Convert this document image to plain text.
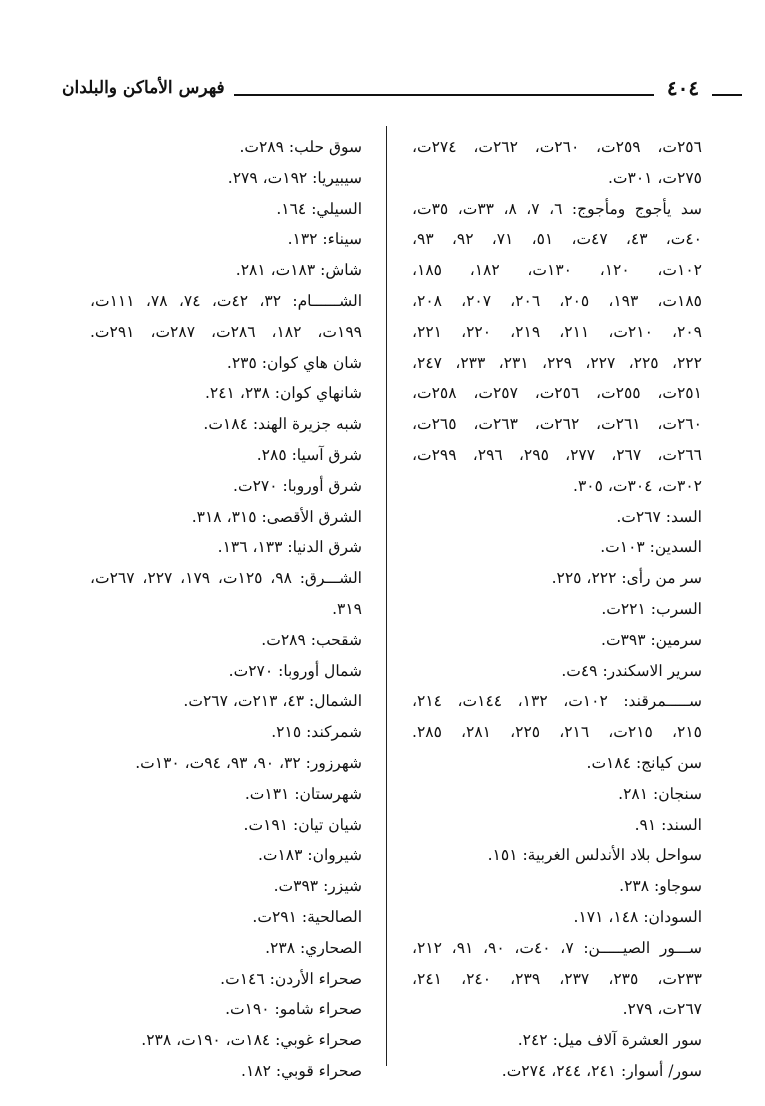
فهرس الأماكن والبلدان	٤٠٤
٢٥٦ت، ٢٥٩ت، ٢٦٠ت، ٢٦٢ت، ٢٧٤ت،
٢٧٥ت، ٣٠١ت.
سد يأجوج ومأجوج: ٦، ٧، ٨، ٣٣ت، ٣٥ت،
٤٠ت، ٤٣، ٤٧ت، ٥١، ٧١، ٩٢، ٩٣،
١٠٢ت، ١٢٠، ١٣٠ت، ١٨٢، ١٨٥،
١٨٥ت، ١٩٣، ٢٠٥، ٢٠٦، ٢٠٧، ٢٠٨،
٢٠٩، ٢١٠ت، ٢١١، ٢١٩، ٢٢٠، ٢٢١،
٢٢٢، ٢٢٥، ٢٢٧، ٢٢٩، ٢٣١، ٢٣٣، ٢٤٧،
٢٥١ت، ٢٥٥ت، ٢٥٦ت، ٢٥٧ت، ٢٥٨ت،
٢٦٠ت، ٢٦١ت، ٢٦٢ت، ٢٦٣ت، ٢٦٥ت،
٢٦٦ت، ٢٦٧، ٢٧٧، ٢٩٥، ٢٩٦، ٢٩٩ت،
٣٠٢ت، ٣٠٤ت، ٣٠٥.
السد: ٢٦٧ت.
السدين: ١٠٣ت.
سر من رأى: ٢٢٢، ٢٢٥.
السرب: ٢٢١ت.
سرمين: ٣٩٣ت.
سرير الاسكندر: ٤٩ت.
ســـــمرقند: ١٠٢ت، ١٣٢، ١٤٤ت، ٢١٤،
٢١٥، ٢١٥ت، ٢١٦، ٢٢٥، ٢٨١، ٢٨٥.
سن كيانج: ١٨٤ت.
سنجان: ٢٨١.
السند: ٩١.
سواحل بلاد الأندلس الغربية: ١٥١.
سوجاو: ٢٣٨.
السودان: ١٤٨، ١٧١.
ســـور الصيـــــن: ٧، ٤٠ت، ٩٠، ٩١، ٢١٢،
٢٣٣ت، ٢٣٥، ٢٣٧، ٢٣٩، ٢٤٠، ٢٤١،
٢٦٧ت، ٢٧٩.
سور العشرة آلاف ميل: ٢٤٢.
سور/ أسوار: ٢٤١، ٢٤٤، ٢٧٤ت.
سوق حلب: ٢٨٩ت.
سيبيريا: ١٩٢ت، ٢٧٩.
السيلي: ١٦٤.
سيناء: ١٣٢.
شاش: ١٨٣ت، ٢٨١.
الشــــــام: ٣٢، ٤٢ت، ٧٤، ٧٨، ١١١ت،
١٩٩ت، ١٨٢، ٢٨٦ت، ٢٨٧ت، ٢٩١ت.
شان هاي كوان: ٢٣٥.
شانهاي كوان: ٢٣٨، ٢٤١.
شبه جزيرة الهند: ١٨٤ت.
شرق آسيا: ٢٨٥.
شرق أوروبا: ٢٧٠ت.
الشرق الأقصى: ٣١٥، ٣١٨.
شرق الدنيا: ١٣٣، ١٣٦.
الشـــرق: ٩٨، ١٢٥ت، ١٧٩، ٢٢٧، ٢٦٧ت،
٣١٩.
شقحب: ٢٨٩ت.
شمال أوروبا: ٢٧٠ت.
الشمال: ٤٣، ٢١٣ت، ٢٦٧ت.
شمركند: ٢١٥.
شهرزور: ٣٢، ٩٠، ٩٣، ٩٤ت، ١٣٠ت.
شهرستان: ١٣١ت.
شيان تيان: ١٩١ت.
شيروان: ١٨٣ت.
شيزر: ٣٩٣ت.
الصالحية: ٢٩١ت.
الصحاري: ٢٣٨.
صحراء الأردن: ١٤٦ت.
صحراء شامو: ١٩٠ت.
صحراء غوبي: ١٨٤ت، ١٩٠ت، ٢٣٨.
صحراء قوبي: ١٨٢.
